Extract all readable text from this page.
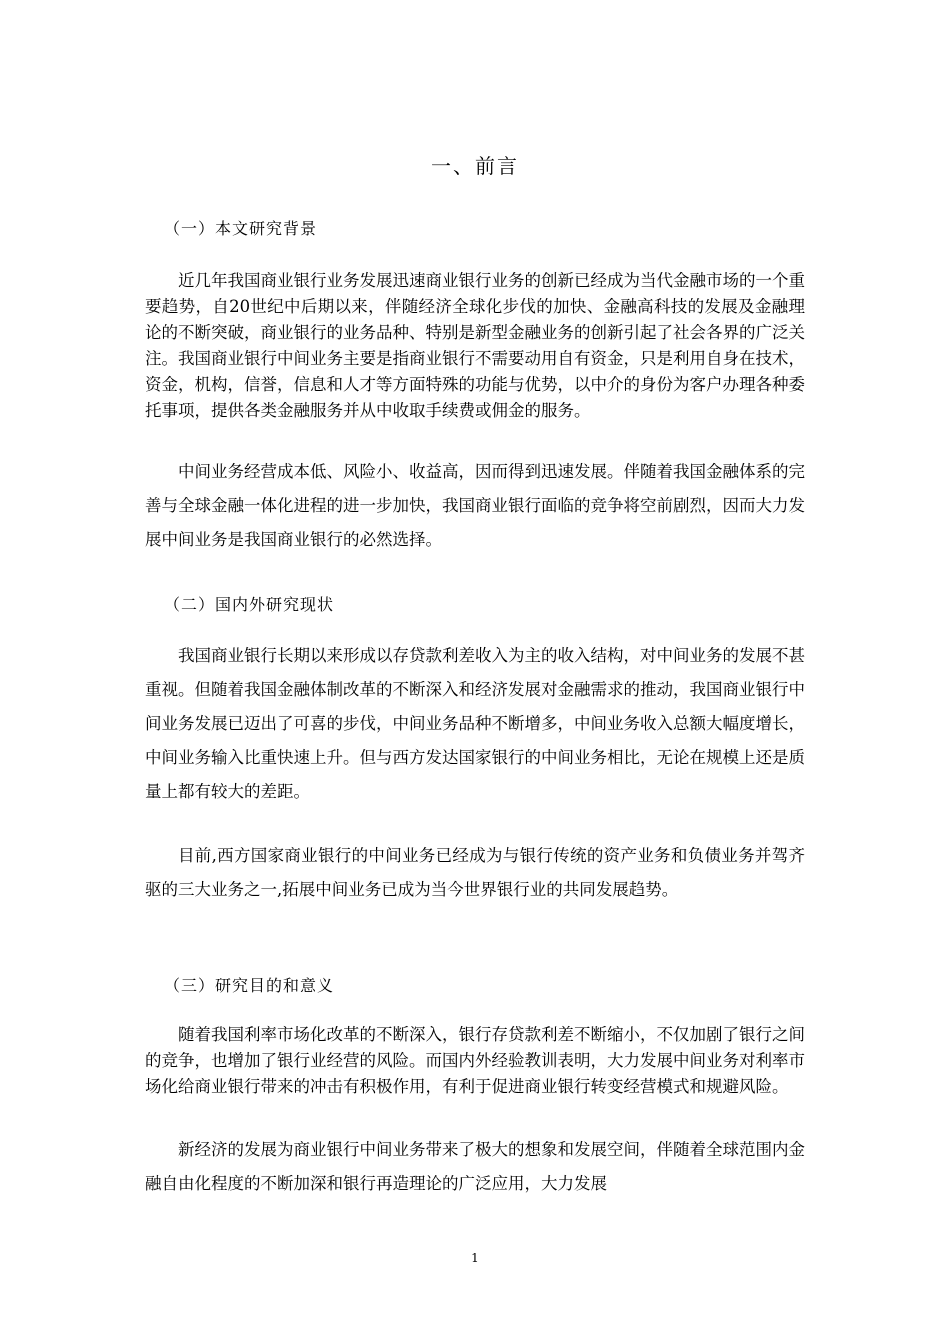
一、前言
（一）本文研究背景

近几年我国商业银行业务发展迅速商业银行业务的创新已经成为当代金融市场的一个重要趋势，自20世纪中后期以来，伴随经济全球化步伐的加快、金融高科技的发展及金融理论的不断突破，商业银行的业务品种、特别是新型金融业务的创新引起了社会各界的广泛关注。我国商业银行中间业务主要是指商业银行不需要动用自有资金，只是利用自身在技术，资金，机构，信誉，信息和人才等方面特殊的功能与优势，以中介的身份为客户办理各种委托事项，提供各类金融服务并从中收取手续费或佣金的服务。

中间业务经营成本低、风险小、收益高，因而得到迅速发展。伴随着我国金融体系的完善与全球金融一体化进程的进一步加快，我国商业银行面临的竞争将空前剧烈，因而大力发展中间业务是我国商业银行的必然选择。

（二）国内外研究现状

我国商业银行长期以来形成以存贷款利差收入为主的收入结构，对中间业务的发展不甚重视。但随着我国金融体制改革的不断深入和经济发展对金融需求的推动，我国商业银行中间业务发展已迈出了可喜的步伐，中间业务品种不断增多，中间业务收入总额大幅度增长，中间业务输入比重快速上升。但与西方发达国家银行的中间业务相比，无论在规模上还是质量上都有较大的差距。

目前,西方国家商业银行的中间业务已经成为与银行传统的资产业务和负债业务并驾齐驱的三大业务之一,拓展中间业务已成为当今世界银行业的共同发展趋势。

（三）研究目的和意义

随着我国利率市场化改革的不断深入，银行存贷款利差不断缩小，不仅加剧了银行之间的竞争，也增加了银行业经营的风险。而国内外经验教训表明，大力发展中间业务对利率市场化给商业银行带来的冲击有积极作用，有利于促进商业银行转变经营模式和规避风险。

新经济的发展为商业银行中间业务带来了极大的想象和发展空间，伴随着全球范围内金融自由化程度的不断加深和银行再造理论的广泛应用，大力发展

1
